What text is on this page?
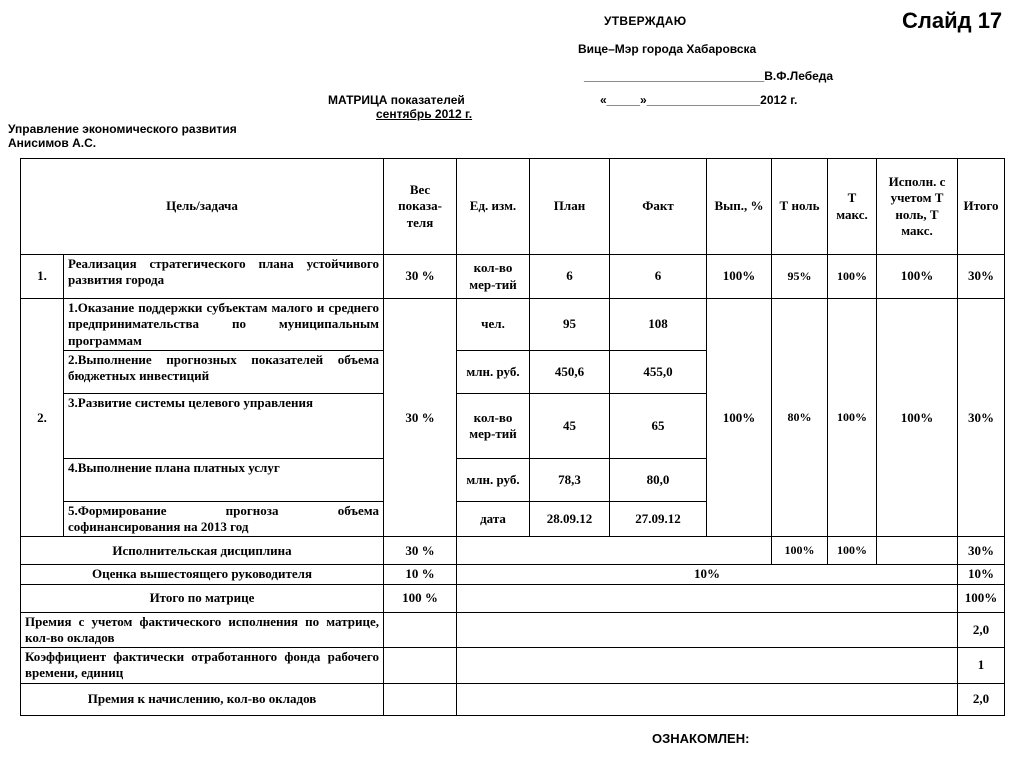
Слайд 17
УТВЕРЖДАЮ
Вице–Мэр города Хабаровска
___________________________В.Ф.Лебеда
МАТРИЦА показателей	«_____»_________________2012 г.
сентябрь 2012 г.
Управление экономического развития
Анисимов А.С.
Цель/задача		Вес показа-теля	Ед. изм.	План	Факт	Вып., %	Т ноль	Т макс.	Исполн. с учетом Т ноль, Т макс.	Итого
1.	Реализация стратегического плана устойчивого развития города	30 %	кол-во мер-тий	6	6	100%	95%	100%	100%	30%
2.	1.Оказание поддержки субъектам малого и среднего предпринимательства по муниципальным программам	30 %	чел.	95	108	100%	80%	100%	100%	30%
	2.Выполнение прогнозных показателей объема бюджетных инвестиций		млн. руб.	450,6	455,0					
	3.Развитие системы целевого управления		кол-во мер-тий	45	65					
	4.Выполнение плана платных услуг		млн. руб.	78,3	80,0					
	5.Формирование прогноза объема софинансирования на 2013 год		дата	28.09.12	27.09.12					
Исполнительская дисциплина		30 %					100%	100%		30%
Оценка вышестоящего руководителя		10 %	10%							10%
Итого по матрице		100 %								100%
Премия с учетом фактического исполнения по матрице, кол-во окладов										2,0
Коэффициент фактически отработанного фонда рабочего времени, единиц										1
Премия к начислению, кол-во окладов										2,0
ОЗНАКОМЛЕН:
